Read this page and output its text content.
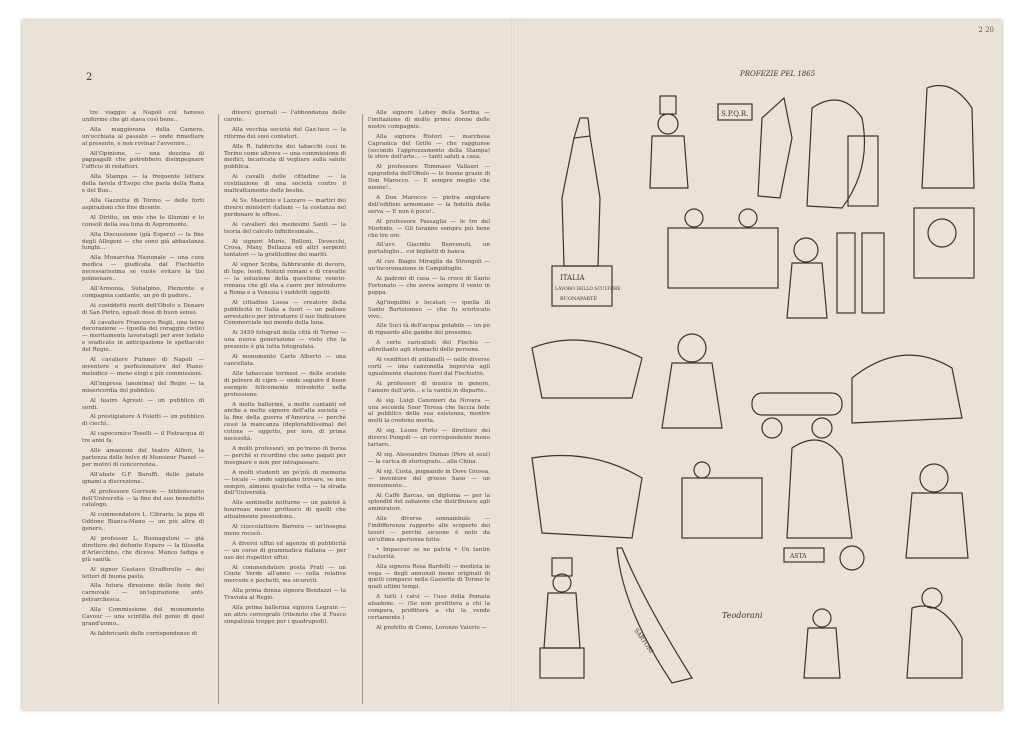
2 20
2

tre viaggio a Napoli col famoso uniforme che gli stava così bene..

Alla maggiorana della Camera, un'occhiata al passato — onde rimediare al presente, e non rovinar l'avvenire...

All'Opinione, — una dozzina di pappagalli che potrebbero disimpegnare l'ufficio di redattori.

Alla Stampa — la frequente lettura della favola d'Esopo che parla della Rana e del Bue..

Alla Gazzetta di Torino — delle forti aspirazioni che fine dicente.

Al Diritto, un mio che lo illumini e lo consoli della sua luna di Aspromonte.

Alla Discussione (già Espero) — la fine degli Allogeni — che sono già abbastanza lunghi...

Alla Monarchia Nazionale — una cura medica — giudicata dal Fischietto necessarissima se vuole evitare la tisi polmonare..

All'Armonia, Subalpino, Piemonte e compagnia cantante, un pò di pudore..

Ai cosiddetti merli dell'Obolo o Denaro di San Pietro, eguali dose di buon senso.

Al cavaliere Francesco Regli, una terza decorazione — (quella del coraggio civile) — meritamente lavoratagli per aver lodato e sradicato in anticipazione lo spettacolo del Regio..

Al cavaliere Fummo di Napoli — inventore e perfezionatore del Piano-melodico — meno elogi e più commissioni.

All'impresa (anonima) del Regio — la misericordia del pubblico.

Al teatro Agresti — un pubblico di sordi.

Al prestigiatore A Foletti — un pubblico di ciechi..

Al capocomico Toselli — il Pistracqua di tre anni fa.

Alle amazzoni del teatro Alfieri, la partenza delle belve di Monsieur Pianet — per motivi di concorrenza..

All'abate G.F Baruffi, delle patate ignami a discrezione..

Al professore Gorresio — bibliotecario dell'Università — la fine del suo benedetto catalogo.

Al commendatore L. Cibrario, la pipa di Oddone Bianca-Mano — un più altra di genere..

Al professor L. Buonaguloni — già direttore del defunto Espero — la filosofia d'Arlecchino, che diceva: Manco fadiga e più sanità.

Al signor Gustavo Strafforello — dei lettori di buona pasta.

Alla futura direzione delle feste del carnovale — un'ispirazione anti-petrarchesca.

Alla Commissione del monumento Cavour — una scintilla del genio di quel grand'uomo..

Ai fabbricanti delle corrispondenze di

diversi giornali — l'abbondanza delle carote.

Alla vecchia società del Gaz-luce — la riforma dei suoi contatori.

Alle R. fabbriche dei tabacchi così in Torino come altrove — una commissione di medici, incaricata di vegliare sulla salute pubblica.

Ai cavalli delle cittadine — la costituzione di una società contro il maltrattamento delle bestie.

Ai Ss. Maurizio e Lazzaro — martiri dei diversi ministeri italiani — la costanza nel perdonare le offese..

Ai cavalieri dei medesimi Santi — la teoria del calcolo infinitesimale...

Ai signori Moris, Bolloni, Devecchi, Crosa, Maxy, Bellazza ed altri serpenti tentatori — la gratitudine dei mariti.

Al signor Scoba, fabbricante di decoro, di lupe, leoni, festoni romani e di cravatte — la soluzione della questione veneto-romana che gli sta a cuore per introdurre a Roma e a Venezia i suddetti oggetti.

Al cittadino Lossa — creatore della pubblicità in Italia a fuori — un pallone arrestatico per introdurre il suo Indicatore Commerciale nei mondo della luna.

Ai 3459 fotografi della città di Torino — una nuova generazione — visto che la presente è già tutta fotografata.

Al monumento Carlo Alberto — una cancellata.

Alle tabaccaie torinesi — delle scatole di polvere di cipro — onde seguire il buon esempio felicemente introdotto nella professione.

A molte balleriné, a molte cantanti ed anche a molte signore dell'alta società — la fine della guerra d'America — perchè cessi la mancanza (deplorabilissima) del cotone — oggetto, per loro, di prima necessità.

A molti professori, un po'meno di borsa — perchè si ricordino che sono pagati per insegnare e non per intrapassare.

A molti studenti un po'più di memoria — locale — onde sappiano trovare, se non sempre, almeno qualche volta — la strada dell'Università.

Alle sentinelle notturne — un paletot à bourreau meno grottesco di quelli che attualmente possiedono..

Al cioccolattiere Barrera — un'insegna meno rococò.

A diversi uffizi ed agenzie di pubblicità — un corso di grammatica italiana — per uso dei rispettivi uffizi.

Al commendatore posta Prati — un Conte Verde all'anno — colla relativa mercede e pochetti, ma sicuretti.

Alla prima donna signora Bendazzi — la Traviata al Regio.

Alla prima ballerina signora Legrain — un altro coreografo (ritenuto che il Fusco simpatizza troppo per i quadrupedi).

Alle signore Lobey della Serbia — l'imitazione di molte prime donne delle nostre compagnie.

Alla signora Ristori — marchesa Capranica del Grillo — che raggiunse (secondo l'apprezzamento della Stampa) le sfere dell'arte... — tanti saluti a casa.

Al professore Tommaso Vallauri — epigrafista dell'Obolo — le buone grazie di Don Marocco. — E sempre meglio che niente!..

A Don Marocco — pietra angolare dell'edifizio armoniano — la fedeltà della serva — E non è poco!..

Al professore Passaglia — le tre del Morbido. — Gli faranno sempre più bene che tre ore.

All'avv. Giacinto Benvenuti, un portafoglio... coi biglietti di banca.

Al cav. Biagio Miraglia da Strongoli — un'incoronazione in Campidoglio.

Ai padroni di casa — la croce di Santo Fortunato — che aveva sempre il vento in poppa.

Agl'inquilini e locatari — quella di Santo Bartolomeo — che fu scorticato vivo..

Alle Suci tà dell'acqua potabile — un pò di riguardo alle gambe del prossimo.

A certe caricatisti del Fischio — altrettanto agli stomachi delle persone.

Ai venditori di zolfanelli — nelle diverse corti — una canzonella impervia agli ugualmente stazione fuori dal Fischietto.

Ai professori di musica in genere, l'amore dell'arte... e la vanità in disparte..

Ai sig. Luigi Canonieri da Novara — una seconda Suor Teresa che faccia fede al pubblico della sua esistenza, mentre molti la credono morta.

Al sig. Leone Forto — direttore dei diversi Pungoli — un corrispondente meno tartaro..

Al sig. Alessandro Dumas (Père et seul) — la carica di storiografo... alla China.

Al sig. Costa, pugnando in Dove Grossa, — inventore del grosso haso — un monumento...

Al Caffè Barcas, un diploma — per la splendid del zabaione che distribuisce agli ammiratori.

Alle diverse sonnambule — l'indifferenza rapporto alle scoperte dei tesori — perchè sicuone è noto da un'ultima sperienza fatta:

• Impaccar se ne patria • Un tantin l'autorità.

Alla signora Rosa Bardelli — modista in voga — degli annunzii meno originali di quelli comparsi nella Gazzetta di Torino le quali ultimi tempi.

A tutti i calvi — l'uso della Pomata alsadone. — (Se non profittera a chi la compera, profitterà a chi la vende certamente.)

Al prefetto di Como, Lorenzo Valerio —

PROFEZIE PEL 1865
ITALIA
LAVORO DELLO SCULTORE
BUONAPARTE
S.P.Q.R.
SARTORI
Teodorani
ASTA
